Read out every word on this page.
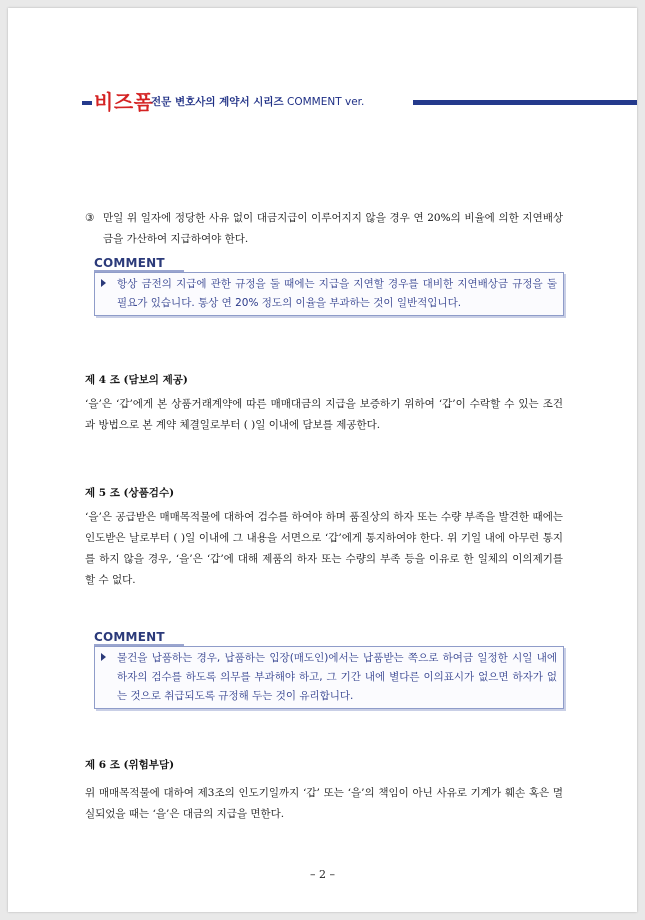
비즈폼
전문 변호사의 계약서 시리즈 COMMENT ver.
③ 만일 위 일자에 정당한 사유 없이 대금지급이 이루어지지 않을 경우 연 20%의 비율에 의한 지연배상금을 가산하여 지급하여야 한다.
COMMENT

항상 금전의 지급에 관한 규정을 둘 때에는 지급을 지연할 경우를 대비한 지연배상금 규정을 둘 필요가 있습니다. 통상 연 20% 정도의 이율을 부과하는 것이 일반적입니다.

제 4 조 (담보의 제공)

‘을’은 ‘갑’에게 본 상품거래계약에 따른 매매대금의 지급을 보증하기 위하여 ‘갑’이 수락할 수 있는 조건과 방법으로 본 계약 체결일로부터 ( )일 이내에 담보를 제공한다.

제 5 조 (상품검수)

‘을’은 공급받은 매매목적물에 대하여 검수를 하여야 하며 품질상의 하자 또는 수량 부족을 발견한 때에는 인도받은 날로부터 ( )일 이내에 그 내용을 서면으로 ‘갑’에게 통지하여야 한다. 위 기일 내에 아무런 통지를 하지 않을 경우, ‘을’은 ‘갑’에 대해 제품의 하자 또는 수량의 부족 등을 이유로 한 일체의 이의제기를 할 수 없다.

COMMENT

물건을 납품하는 경우, 납품하는 입장(매도인)에서는 납품받는 쪽으로 하여금 일정한 시일 내에 하자의 검수를 하도록 의무를 부과해야 하고, 그 기간 내에 별다른 이의표시가 없으면 하자가 없는 것으로 취급되도록 규정해 두는 것이 유리합니다.

제 6 조 (위험부담)

위 매매목적물에 대하여 제3조의 인도기일까지 ‘갑’ 또는 ‘을’의 책임이 아닌 사유로 기계가 훼손 혹은 멸실되었을 때는 ‘을’은 대금의 지급을 면한다.

– 2 –
